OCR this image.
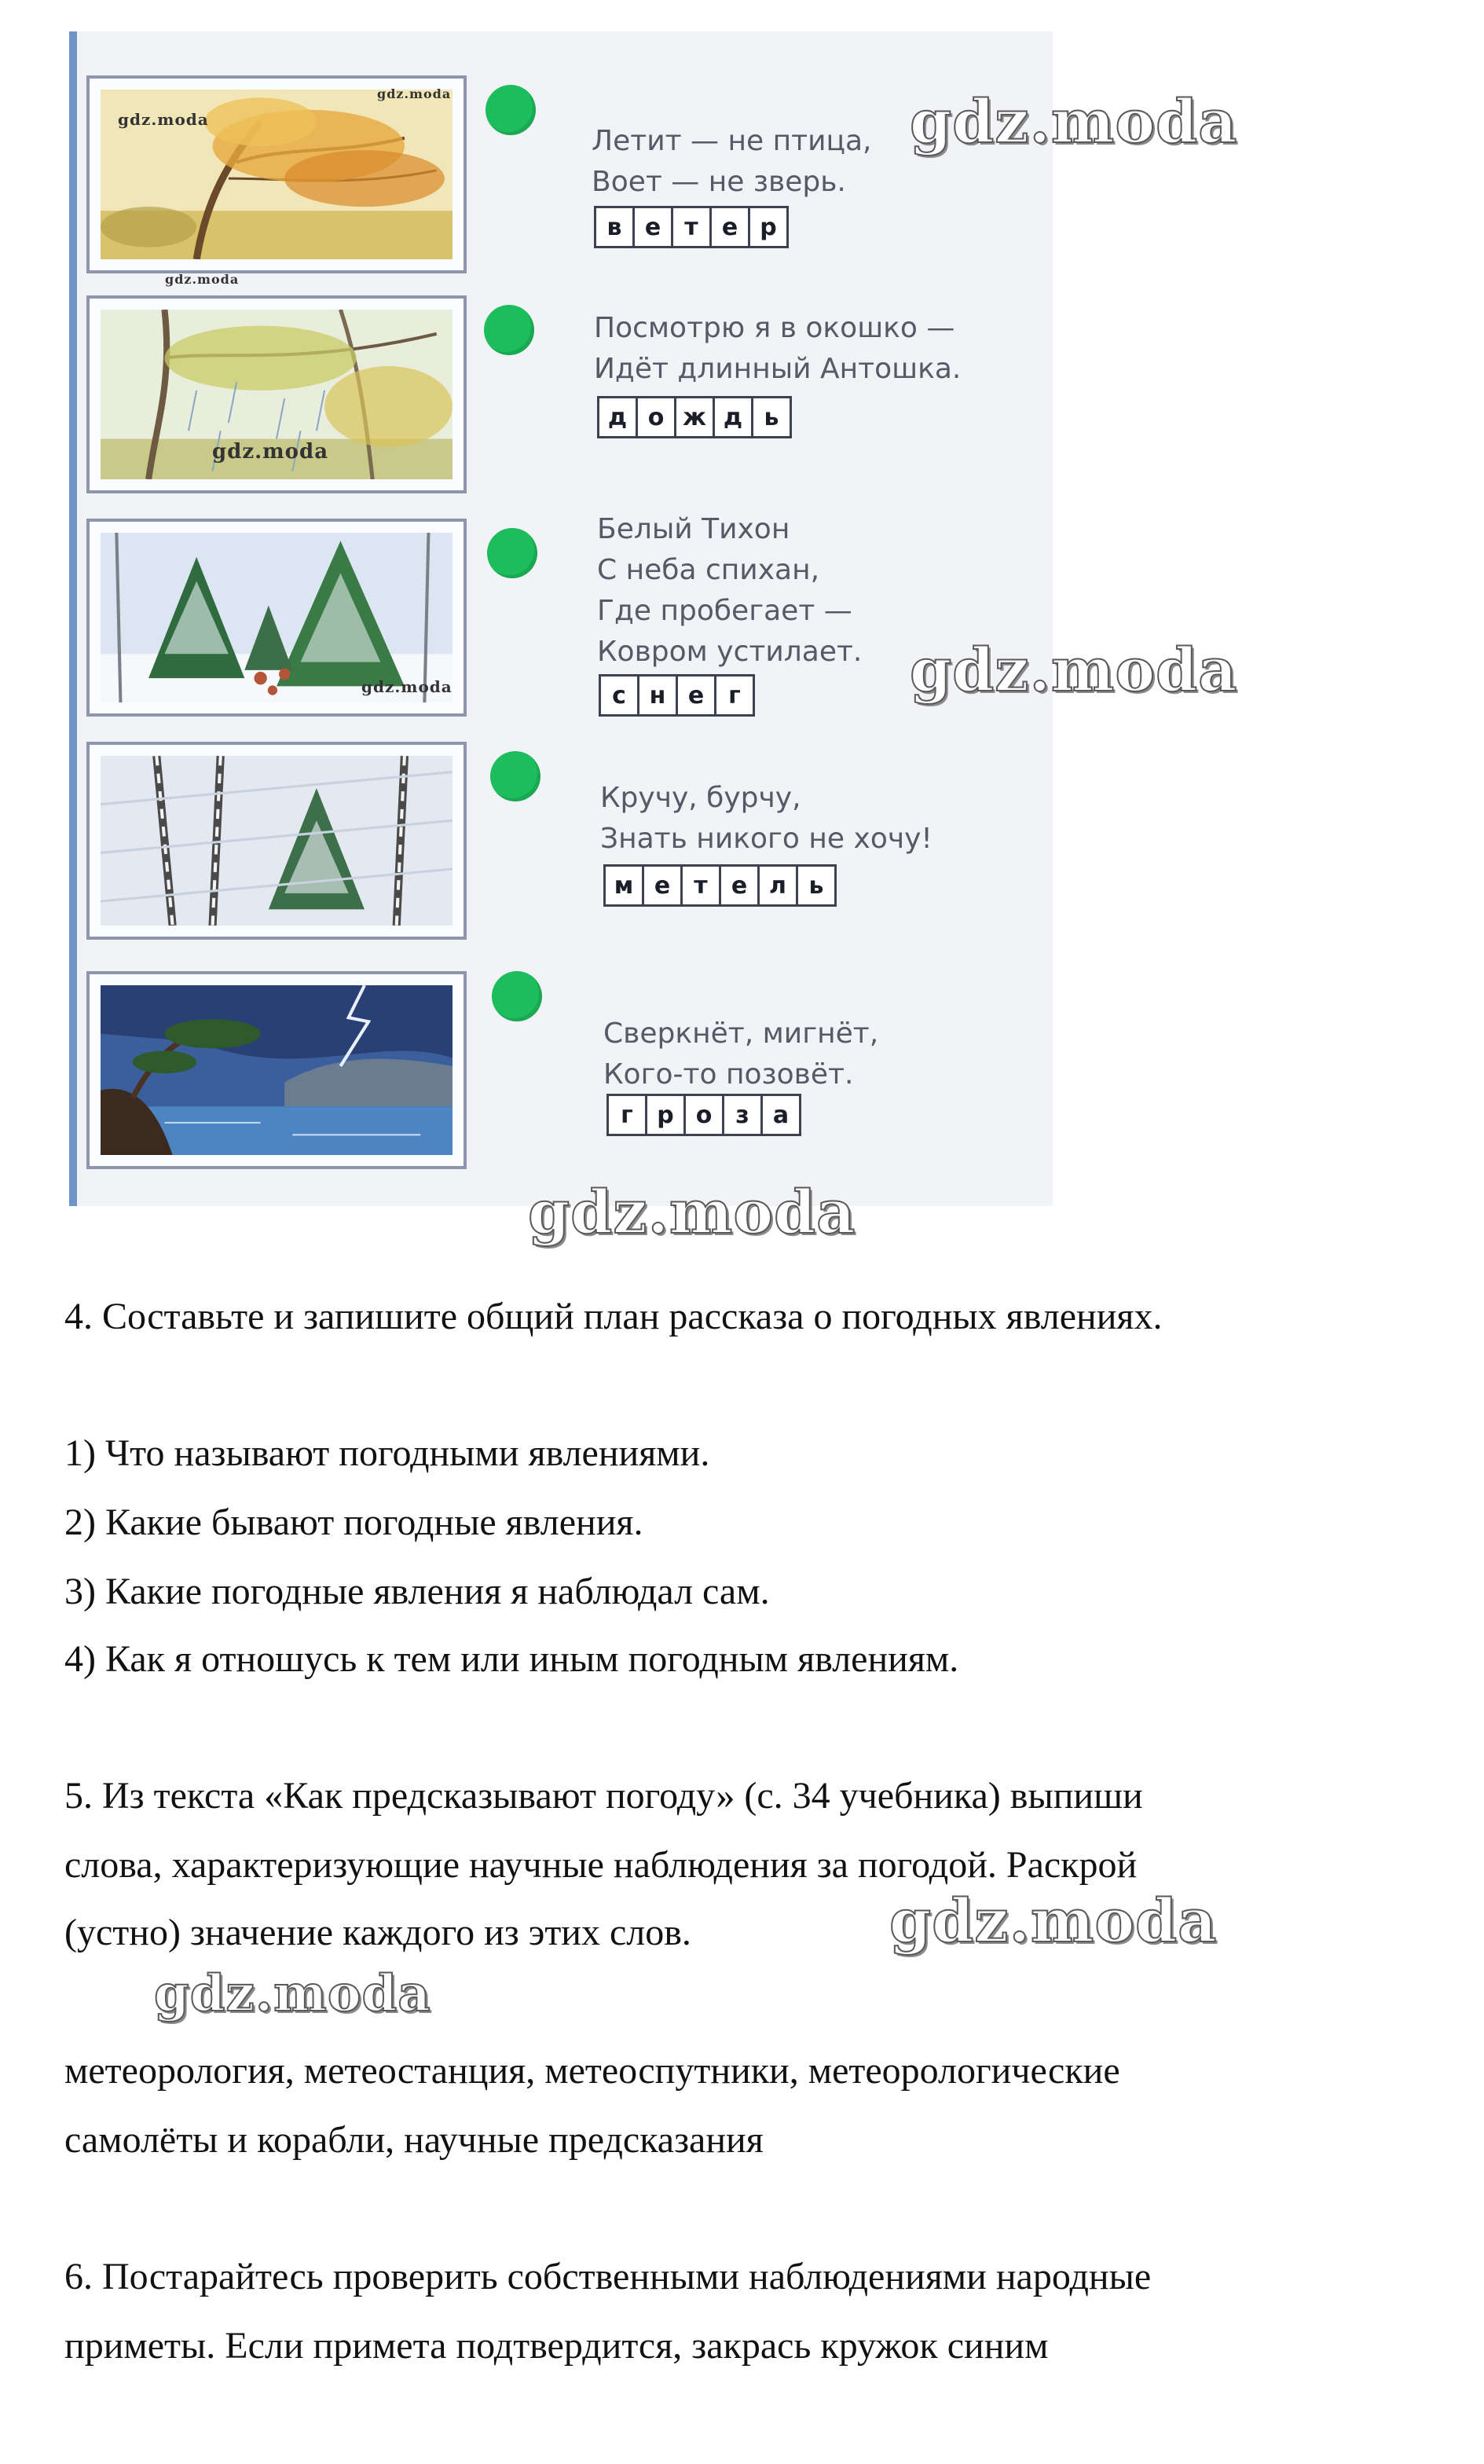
Летит — не птица,
Воет — не зверь.
в е	т	е р
Посмотрю я в окошко —
Идёт длинный Антошка.
д о ж д ь
Белый Тихон
С неба спихан,
Где пробегает —
Ковром устилает.
с н е	г
Кручу, бурчу,
Знать никого не хочу!
м е	т	е л ь
Сверкнёт, мигнёт,
Кого-то позовёт.
г	р о з	а
gdz.moda
gdz.moda
gdz.moda
gdz.moda
gdz.moda
gdz.moda
gdz.moda
gdz.moda
gdz.moda
gdz.moda

4. Составьте и запишите общий план рассказа о погодных явлениях.

1) Что называют погодными явлениями.

2) Какие бывают погодные явления.

3) Какие погодные явления я наблюдал сам.

4) Как я отношусь к тем или иным погодным явлениям.

5. Из текста «Как предсказывают погоду» (с. 34 учебника) выпиши

слова, характеризующие научные наблюдения за погодой. Раскрой

(устно) значение каждого из этих слов.

метеорология, метеостанция, метеоспутники, метеорологические

самолёты и корабли, научные предсказания

6. Постарайтесь проверить собственными наблюдениями народные

приметы. Если примета подтвердится, закрась кружок синим
